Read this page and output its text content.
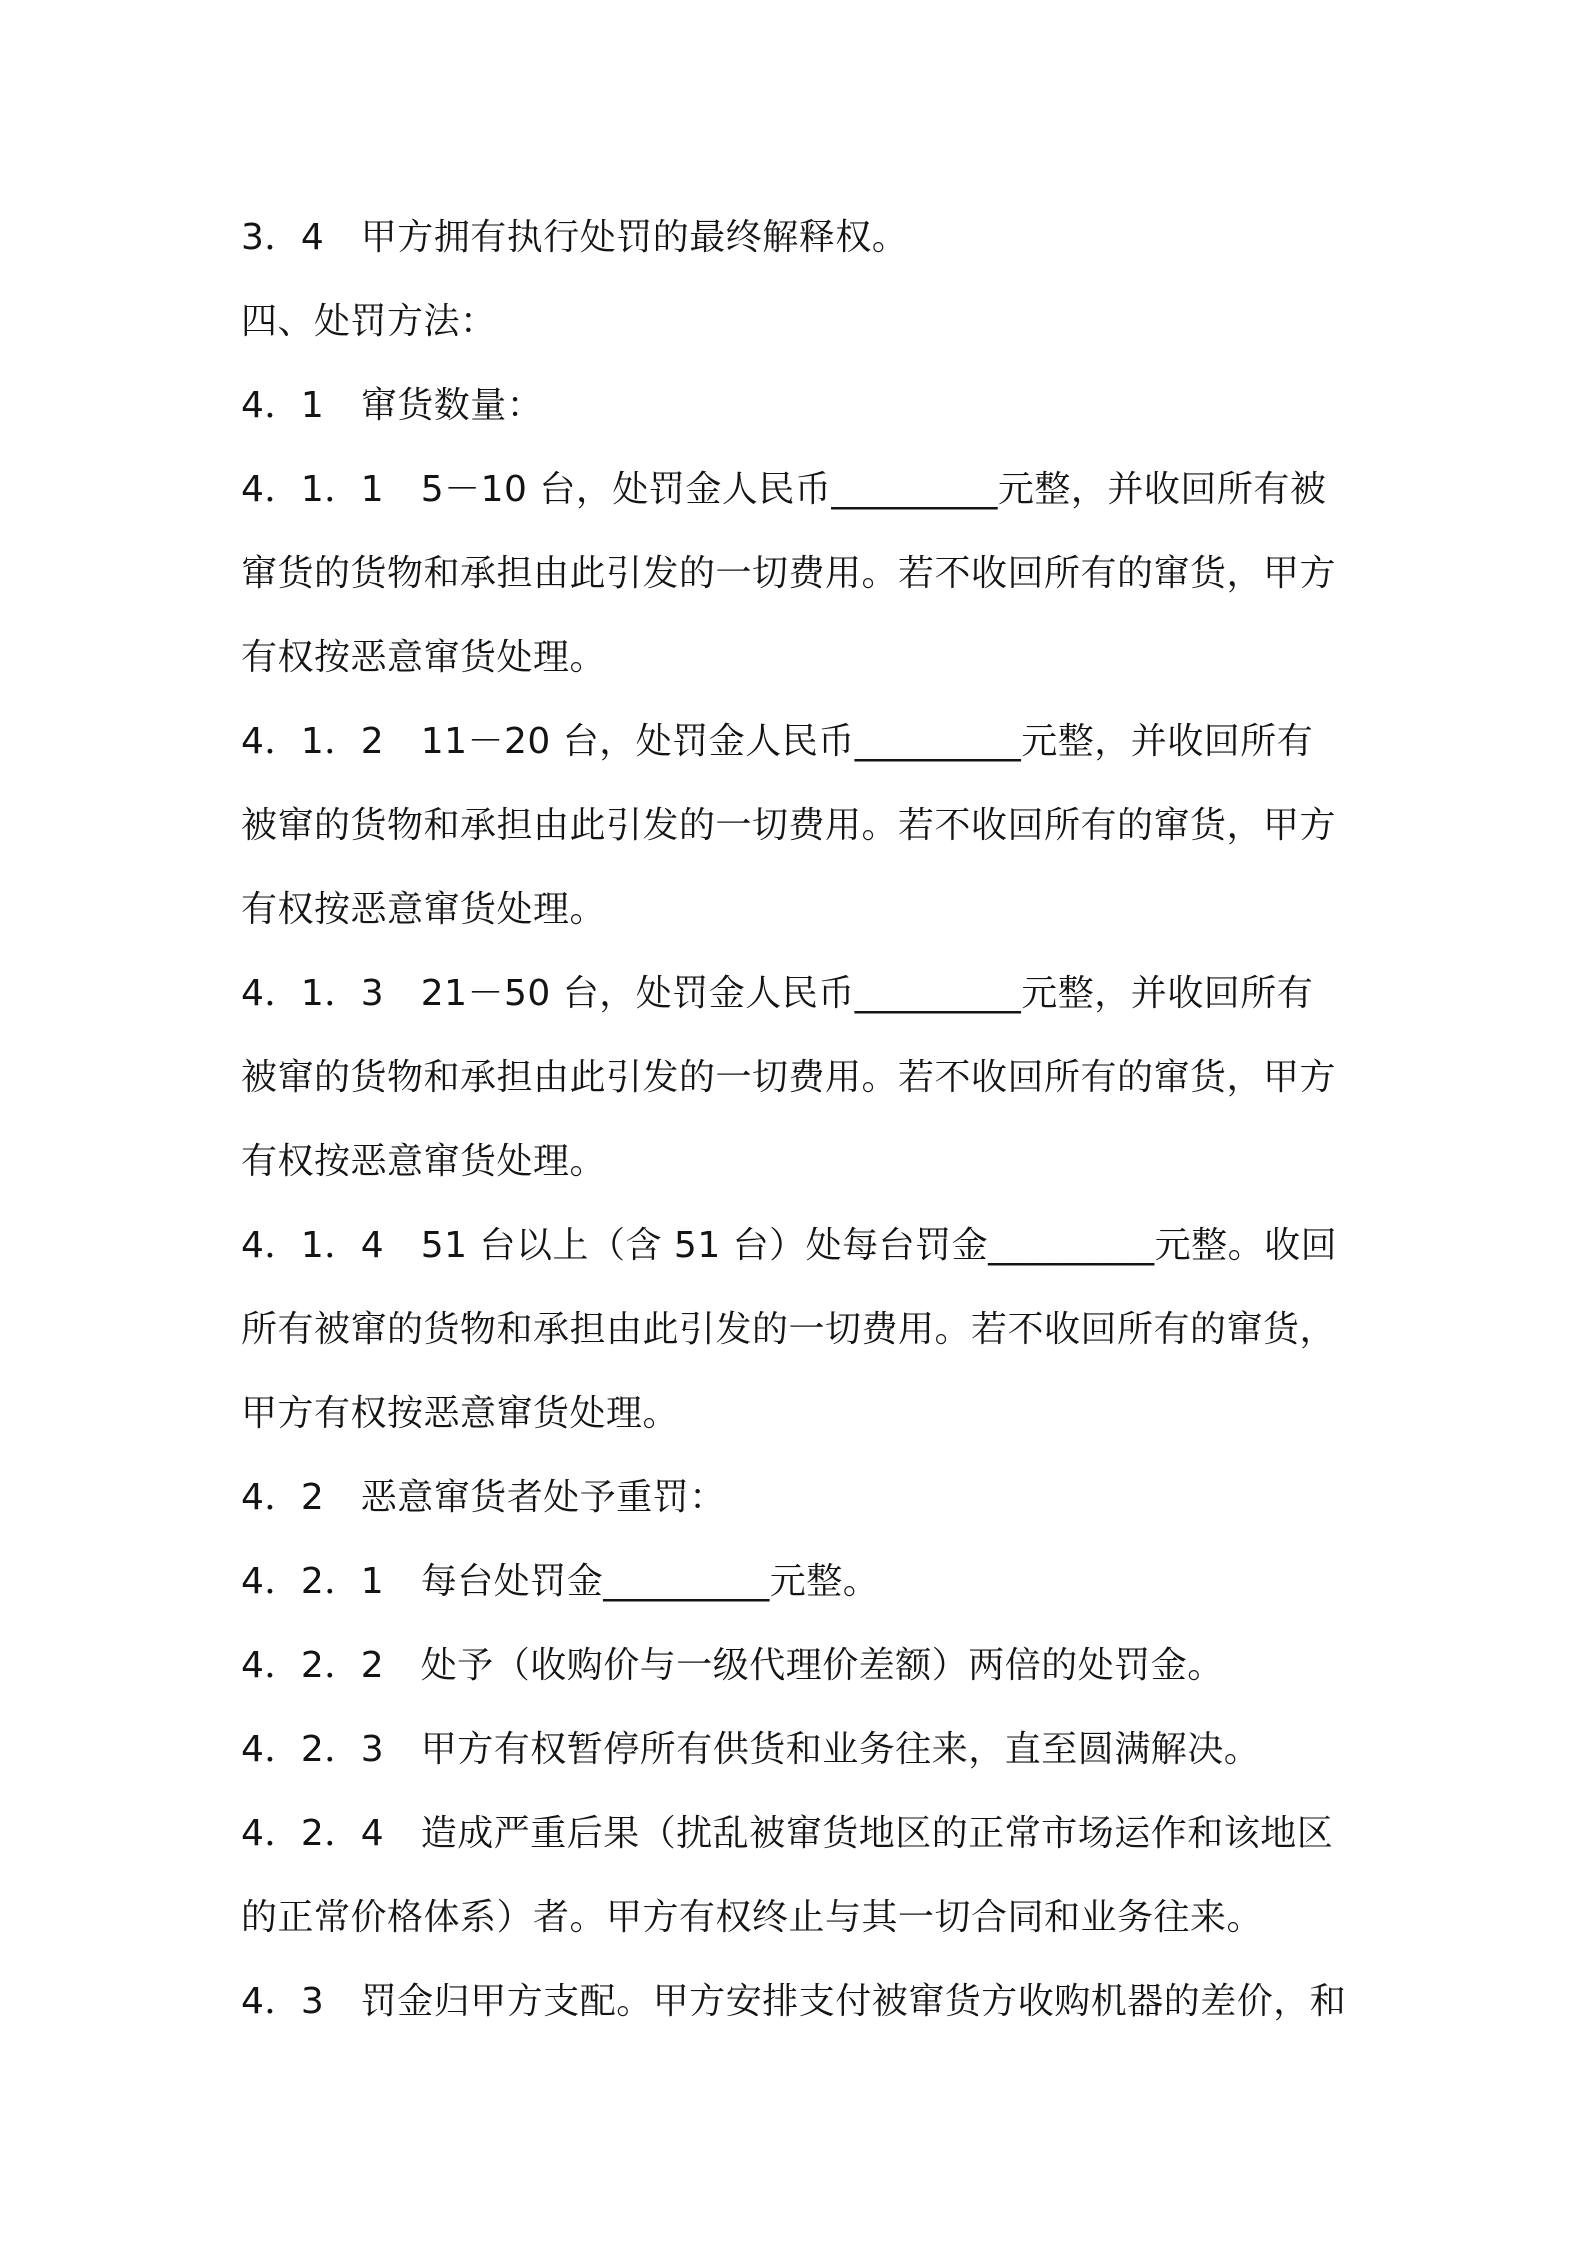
3．4　甲方拥有执行处罚的最终解释权。
四、处罚方法：
4．1　窜货数量：
4．1．1　5－10 台，处罚金人民币_________元整，并收回所有被
窜货的货物和承担由此引发的一切费用。若不收回所有的窜货，甲方
有权按恶意窜货处理。
4．1．2　11－20 台，处罚金人民币_________元整，并收回所有
被窜的货物和承担由此引发的一切费用。若不收回所有的窜货，甲方
有权按恶意窜货处理。
4．1．3　21－50 台，处罚金人民币_________元整，并收回所有
被窜的货物和承担由此引发的一切费用。若不收回所有的窜货，甲方
有权按恶意窜货处理。
4．1．4　51 台以上（含 51 台）处每台罚金_________元整。收回
所有被窜的货物和承担由此引发的一切费用。若不收回所有的窜货，
甲方有权按恶意窜货处理。
4．2　恶意窜货者处予重罚：
4．2．1　每台处罚金_________元整。
4．2．2　处予（收购价与一级代理价差额）两倍的处罚金。
4．2．3　甲方有权暂停所有供货和业务往来，直至圆满解决。
4．2．4　造成严重后果（扰乱被窜货地区的正常市场运作和该地区
的正常价格体系）者。甲方有权终止与其一切合同和业务往来。
4．3　罚金归甲方支配。甲方安排支付被窜货方收购机器的差价，和
